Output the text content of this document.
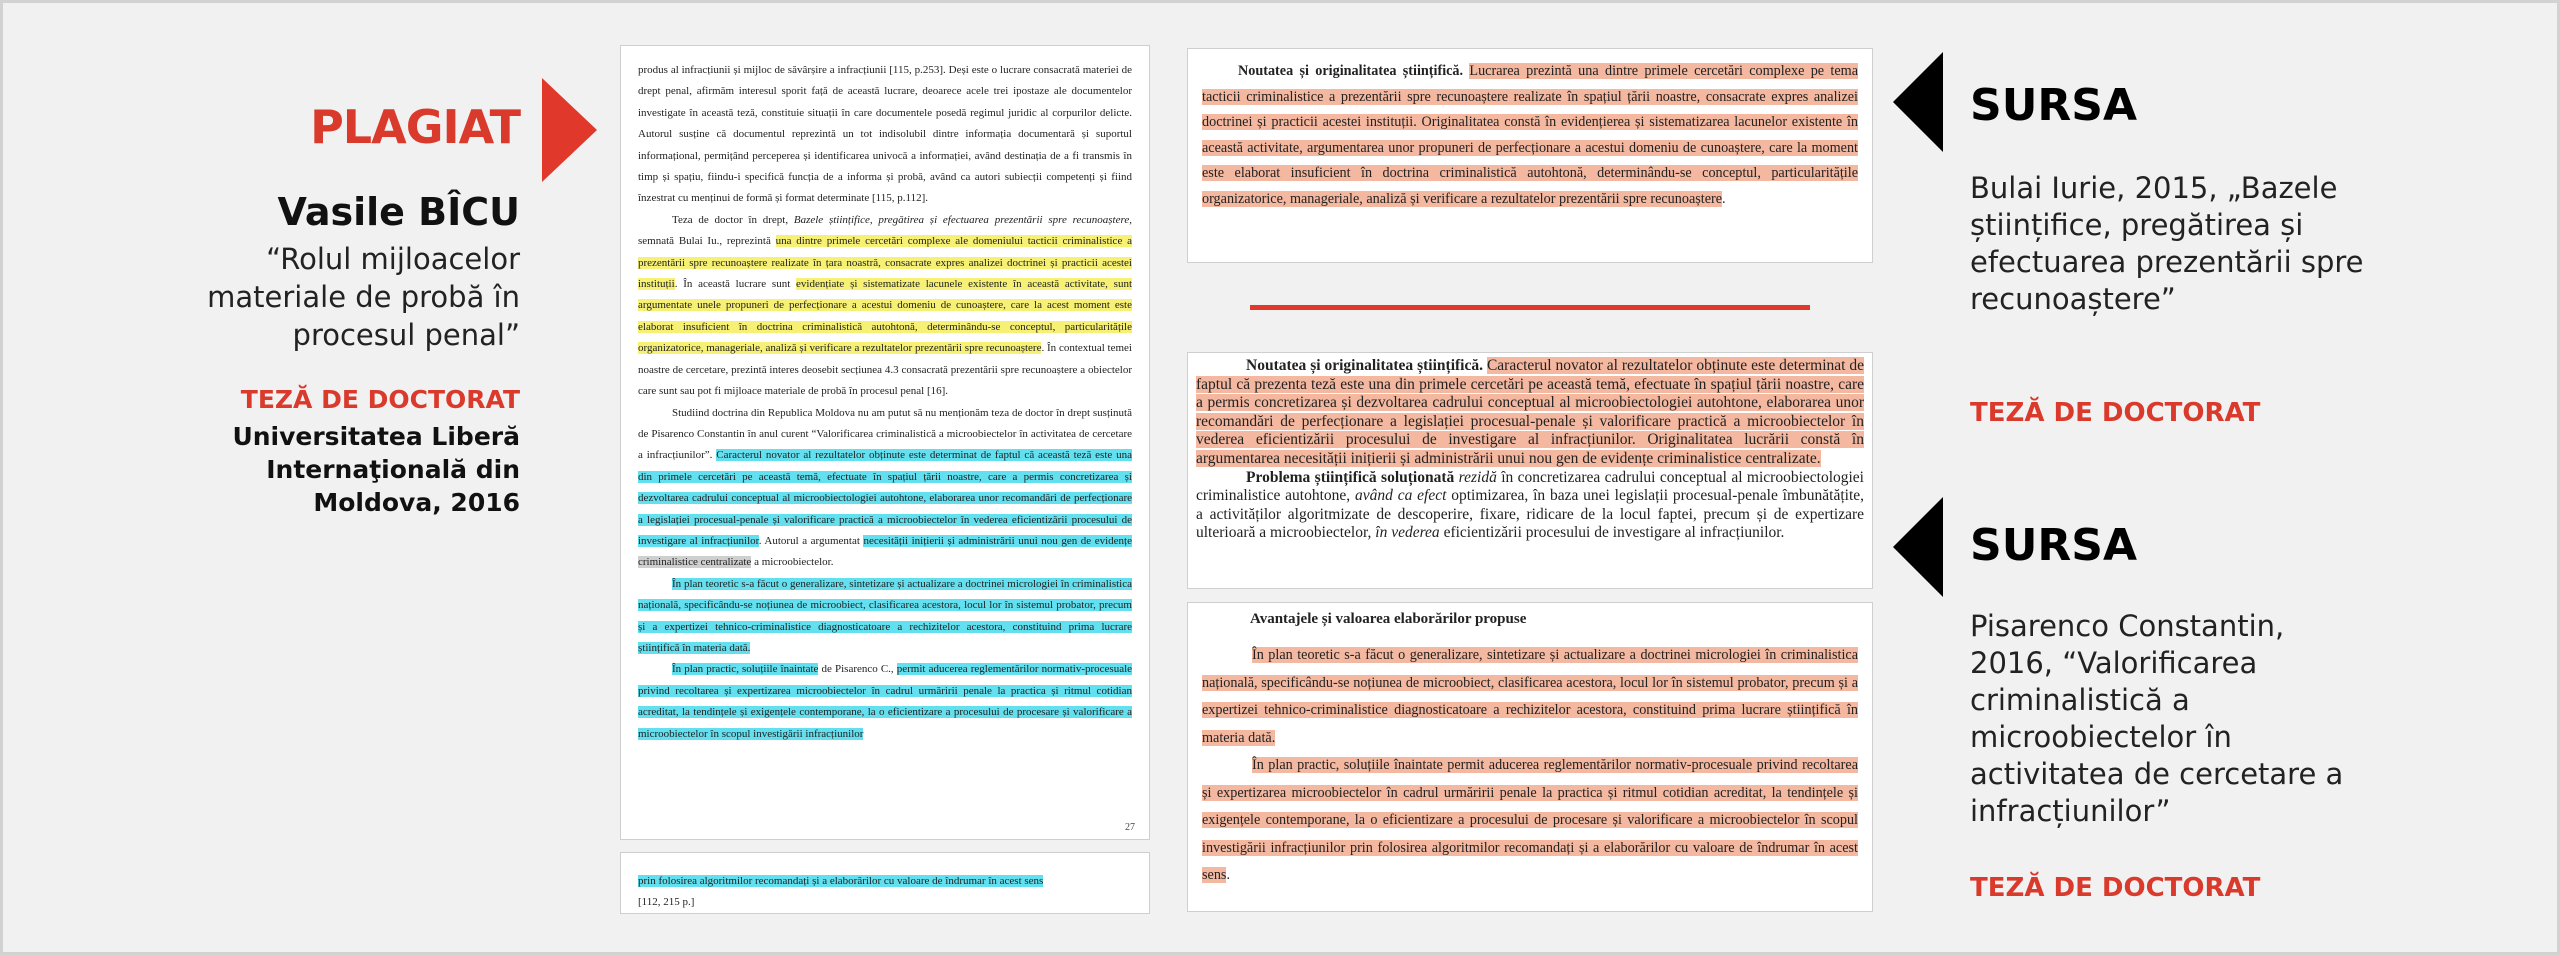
PLAGIAT
Vasile BÎCU
“Rolul mijloacelor materiale de probă în procesul penal”
TEZĂ DE DOCTORAT
Universitatea Liberă Internaţională din Moldova, 2016

produs al infracțiunii și mijloc de săvârșire a infracțiunii [115, p.253]. Deși este o lucrare consacrată materiei de drept penal, afirmăm interesul sporit față de această lucrare, deoarece acele trei ipostaze ale documentelor investigate în această teză, constituie situații în care documentele posedă regimul juridic al corpurilor delicte. Autorul susține că documentul reprezintă un tot indisolubil dintre informația documentară și suportul informațional, permițând perceperea și identificarea univocă a informației, având destinația de a fi transmis în timp și spațiu, fiindu-i specifică funcția de a informa și probă, având ca autori subiecții competenți și fiind înzestrat cu menținui de formă și format determinate [115, p.112].

Teza de doctor în drept, Bazele științifice, pregătirea și efectuarea prezentării spre recunoaștere, semnată Bulai Iu., reprezintă una dintre primele cercetări complexe ale domeniului tacticii criminalistice a prezentării spre recunoaștere realizate în țara noastră, consacrate expres analizei doctrinei și practicii acestei instituții. În această lucrare sunt evidențiate și sistematizate lacunele existente în această activitate, sunt argumentate unele propuneri de perfecționare a acestui domeniu de cunoaștere, care la acest moment este elaborat insuficient în doctrina criminalistică autohtonă, determinându-se conceptul, particularitățile organizatorice, manageriale, analiză și verificare a rezultatelor prezentării spre recunoaștere. În contextual temei noastre de cercetare, prezintă interes deosebit secțiunea 4.3 consacrată prezentării spre recunoaștere a obiectelor care sunt sau pot fi mijloace materiale de probă în procesul penal [16].

Studiind doctrina din Republica Moldova nu am putut să nu menționăm teza de doctor în drept susținută de Pisarenco Constantin în anul curent “Valorificarea criminalistică a microobiectelor în activitatea de cercetare a infracțiunilor”. Caracterul novator al rezultatelor obținute este determinat de faptul că această teză este una din primele cercetări pe această temă, efectuate în spațiul țării noastre, care a permis concretizarea și dezvoltarea cadrului conceptual al microobiectologiei autohtone, elaborarea unor recomandări de perfecționare a legislației procesual-penale și valorificare practică a microobiectelor în vederea eficientizării procesului de investigare al infracțiunilor. Autorul a argumentat necesității inițierii și administrării unui nou gen de evidențe criminalistice centralizate a microobiectelor.

În plan teoretic s-a făcut o generalizare, sintetizare și actualizare a doctrinei micrologiei în criminalistica națională, specificându-se noțiunea de microobiect, clasificarea acestora, locul lor în sistemul probator, precum și a expertizei tehnico-criminalistice diagnosticatoare a rechizitelor acestora, constituind prima lucrare științifică în materia dată.

În plan practic, soluțiile înaintate de Pisarenco C., permit aducerea reglementărilor normativ-procesuale privind recoltarea și expertizarea microobiectelor în cadrul urmăririi penale la practica și ritmul cotidian acreditat, la tendințele și exigențele contemporane, la o eficientizare a procesului de procesare și valorificare a microobiectelor în scopul investigării infracțiunilor

27

prin folosirea algoritmilor recomandați și a elaborărilor cu valoare de îndrumar în acest sens
[112, 215 p.]

Noutatea și originalitatea științifică. Lucrarea prezintă una dintre primele cercetări complexe pe tema tacticii criminalistice a prezentării spre recunoaștere realizate în spațiul țării noastre, consacrate expres analizei doctrinei și practicii acestei instituții. Originalitatea constă în evidențierea și sistematizarea lacunelor existente în această activitate, argumentarea unor propuneri de perfecționare a acestui domeniu de cunoaștere, care la moment este elaborat insuficient în doctrina criminalistică autohtonă, determinându-se conceptul, particularitățile organizatorice, manageriale, analiză și verificare a rezultatelor prezentării spre recunoaștere.

Noutatea și originalitatea științifică. Caracterul novator al rezultatelor obținute este determinat de faptul că prezenta teză este una din primele cercetări pe această temă, efectuate în spațiul țării noastre, care a permis concretizarea și dezvoltarea cadrului conceptual al microobiectologiei autohtone, elaborarea unor recomandări de perfecționare a legislației procesual-penale și valorificare practică a microobiectelor în vederea eficientizării procesului de investigare al infracțiunilor. Originalitatea lucrării constă în argumentarea necesității inițierii și administrării unui nou gen de evidențe criminalistice centralizate.

Problema științifică soluționată rezidă în concretizarea cadrului conceptual al microobiectologiei criminalistice autohtone, având ca efect optimizarea, în baza unei legislații procesual-penale îmbunătățite, a activităților algoritmizate de descoperire, fixare, ridicare de la locul faptei, precum și de expertizare ulterioară a microobiectelor, în vederea eficientizării procesului de investigare al infracțiunilor.

Avantajele și valoarea elaborărilor propuse

În plan teoretic s-a făcut o generalizare, sintetizare și actualizare a doctrinei micrologiei în criminalistica națională, specificându-se noțiunea de microobiect, clasificarea acestora, locul lor în sistemul probator, precum și a expertizei tehnico-criminalistice diagnosticatoare a rechizitelor acestora, constituind prima lucrare științifică în materia dată.

În plan practic, soluțiile înaintate permit aducerea reglementărilor normativ-procesuale privind recoltarea și expertizarea microobiectelor în cadrul urmăririi penale la practica și ritmul cotidian acreditat, la tendințele și exigențele contemporane, la o eficientizare a procesului de procesare și valorificare a microobiectelor în scopul investigării infracțiunilor prin folosirea algoritmilor recomandați și a elaborărilor cu valoare de îndrumar în acest sens.

SURSA
Bulai Iurie, 2015, „Bazele științifice, pregătirea și efectuarea prezentării spre recunoaștere”
TEZĂ DE DOCTORAT
SURSA
Pisarenco Constantin, 2016, “Valorificarea criminalistică a microobiectelor în activitatea de cercetare a infracțiunilor”
TEZĂ DE DOCTORAT
